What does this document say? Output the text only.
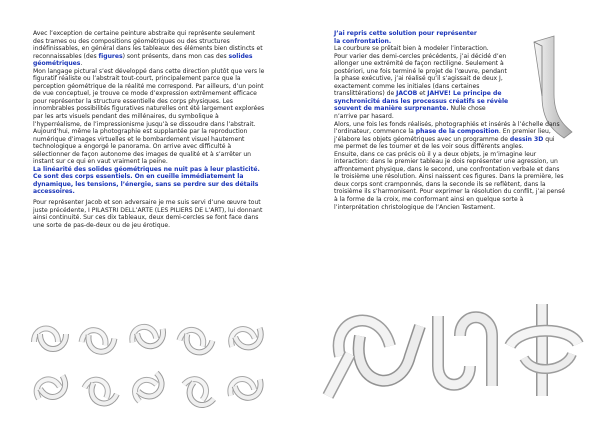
Avec l’exception de certaine peinture abstraite qui représente seulement des trames ou des compositions géométriques ou des structures indéfinissables, en général dans les tableaux des éléments bien distincts et reconnaissables (des figures) sont présents, dans mon cas des solides géométriques.

Mon langage pictural s’est développé dans cette direction plutôt que vers le figuratif réaliste ou l’abstrait tout-court, principalement parce que la perception géométrique de la réalité me correspond. Par ailleurs, d’un point de vue conceptuel, je trouve ce mode d’expression extrêmement efficace pour représenter la structure essentielle des corps physiques. Les innombrables possibilités figuratives naturelles ont été largement explorées par les arts visuels pendant des millénaires, du symbolique à l’hyperréalisme, de l’impressionisme jusqu’à se dissoudre dans l’abstrait.

Aujourd’hui, même la photographie est supplantée par la reproduction numérique d’images virtuelles et le bombardement visuel hautement technologique a engorgé le panorama. On arrive avec difficulté à sélectionner de façon autonome des images de qualité et à s’arrêter un instant sur ce qui en vaut vraiment la peine.

La linéarité des solides géométriques ne nuit pas à leur plasticité. Ce sont des corps essentiels. On en cueille immédiatement la dynamique, les tensions, l’énergie, sans se perdre sur des détails accessoires.

Pour représenter Jacob et son adversaire je me suis servi d’une œuvre tout juste précédente, I PILASTRI DELL’ARTE (LES PILIERS DE L’ART), lui donnant ainsi continuité. Sur ces dix tableaux, deux demi-cercles se font face dans une sorte de pas-de-deux ou de jeu érotique.

J’ai repris cette solution pour représenter la confrontation.

La courbure se prêtait bien à modeler l’interaction.

Pour varier des demi-cercles précédents, j’ai décidé d’en allonger une extrémité de façon rectiligne. Seulement à postériori, une fois terminé le projet de l’œuvre, pendant la phase exécutive, j’ai réalisé qu’il s’agissait de deux J, exactement comme les initiales (dans certaines translittérations) de JACOB et JAHVE! Le principe de synchronicité dans les processus créatifs se révèle souvent de manière surprenante. Nulle chose n’arrive par hasard.

Alors, une fois les fonds réalisés, photographiés et insérés à l’échelle dans l’ordinateur, commence la phase de la composition. En premier lieu, j’élabore les objets géométriques avec un programme de dessin 3D qui me permet de les tourner et de les voir sous différents angles.

Ensuite, dans ce cas précis où il y a deux objets, je m’imagine leur interaction: dans le premier tableau je dois représenter une agression, un affrontement physique, dans le second, une confrontation verbale et dans le troisième une résolution. Ainsi naissent ces figures. Dans la première, les deux corps sont cramponnés, dans la seconde ils se reflètent, dans la troisième ils s’harmonisent. Pour exprimer la résolution du conflit, j’ai pensé à la forme de la croix, me conformant ainsi en quelque sorte à l’interprétation christologique de l’Ancien Testament.
